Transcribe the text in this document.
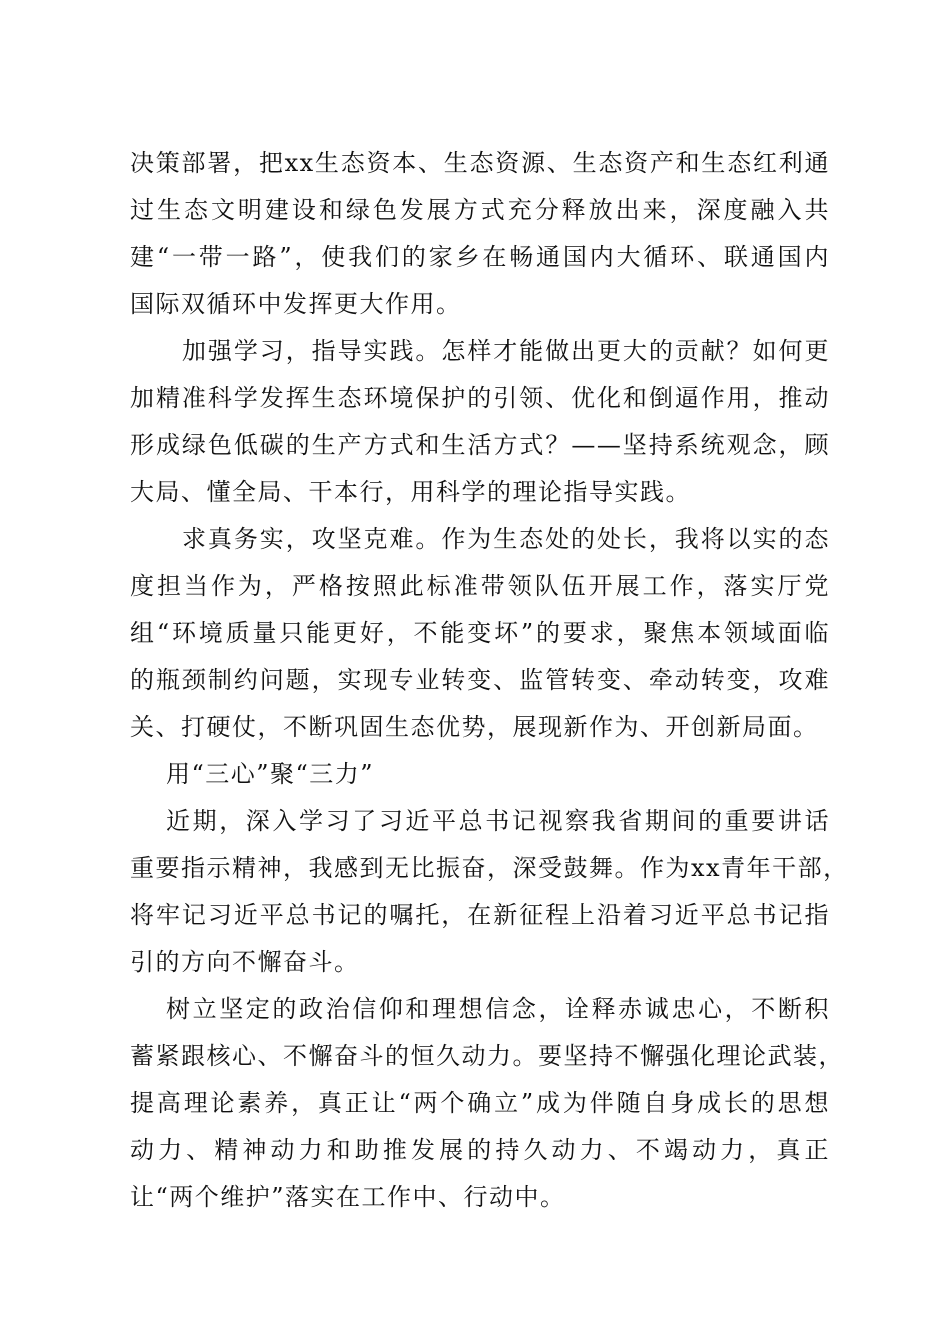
决策部署，把xx生态资本、生态资源、生态资产和生态红利通
过生态文明建设和绿色发展方式充分释放出来，深度融入共
建“一带一路”，使我们的家乡在畅通国内大循环、联通国内
国际双循环中发挥更大作用。

加强学习，指导实践。怎样才能做出更大的贡献？如何更
加精准科学发挥生态环境保护的引领、优化和倒逼作用，推动
形成绿色低碳的生产方式和生活方式？——坚持系统观念，顾
大局、懂全局、干本行，用科学的理论指导实践。

求真务实，攻坚克难。作为生态处的处长，我将以实的态
度担当作为，严格按照此标准带领队伍开展工作，落实厅党
组“环境质量只能更好，不能变坏”的要求，聚焦本领域面临
的瓶颈制约问题，实现专业转变、监管转变、牵动转变，攻难
关、打硬仗，不断巩固生态优势，展现新作为、开创新局面。

用“三心”聚“三力”

近期，深入学习了习近平总书记视察我省期间的重要讲话
重要指示精神，我感到无比振奋，深受鼓舞。作为xx青年干部，
将牢记习近平总书记的嘱托，在新征程上沿着习近平总书记指
引的方向不懈奋斗。

树立坚定的政治信仰和理想信念，诠释赤诚忠心，不断积
蓄紧跟核心、不懈奋斗的恒久动力。要坚持不懈强化理论武装，
提高理论素养，真正让“两个确立”成为伴随自身成长的思想
动力、精神动力和助推发展的持久动力、不竭动力，真正
让“两个维护”落实在工作中、行动中。
